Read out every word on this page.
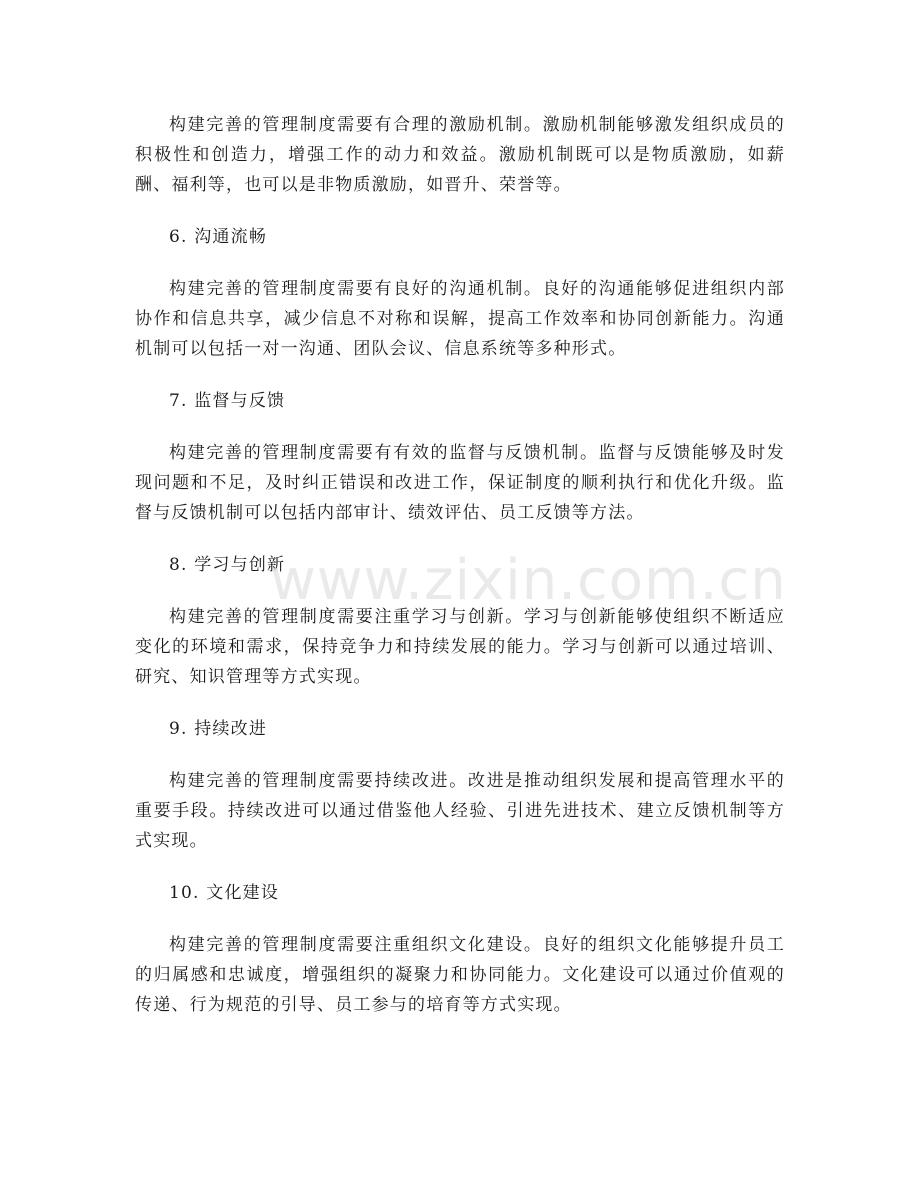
构建完善的管理制度需要有合理的激励机制。激励机制能够激发组织成员的积极性和创造力，增强工作的动力和效益。激励机制既可以是物质激励，如薪酬、福利等，也可以是非物质激励，如晋升、荣誉等。

6. 沟通流畅

构建完善的管理制度需要有良好的沟通机制。良好的沟通能够促进组织内部协作和信息共享，减少信息不对称和误解，提高工作效率和协同创新能力。沟通机制可以包括一对一沟通、团队会议、信息系统等多种形式。

7. 监督与反馈

构建完善的管理制度需要有有效的监督与反馈机制。监督与反馈能够及时发现问题和不足，及时纠正错误和改进工作，保证制度的顺利执行和优化升级。监督与反馈机制可以包括内部审计、绩效评估、员工反馈等方法。

8. 学习与创新

构建完善的管理制度需要注重学习与创新。学习与创新能够使组织不断适应变化的环境和需求，保持竞争力和持续发展的能力。学习与创新可以通过培训、研究、知识管理等方式实现。

9. 持续改进

构建完善的管理制度需要持续改进。改进是推动组织发展和提高管理水平的重要手段。持续改进可以通过借鉴他人经验、引进先进技术、建立反馈机制等方式实现。

10. 文化建设

构建完善的管理制度需要注重组织文化建设。良好的组织文化能够提升员工的归属感和忠诚度，增强组织的凝聚力和协同能力。文化建设可以通过价值观的传递、行为规范的引导、员工参与的培育等方式实现。

www.zixin.com.cn
